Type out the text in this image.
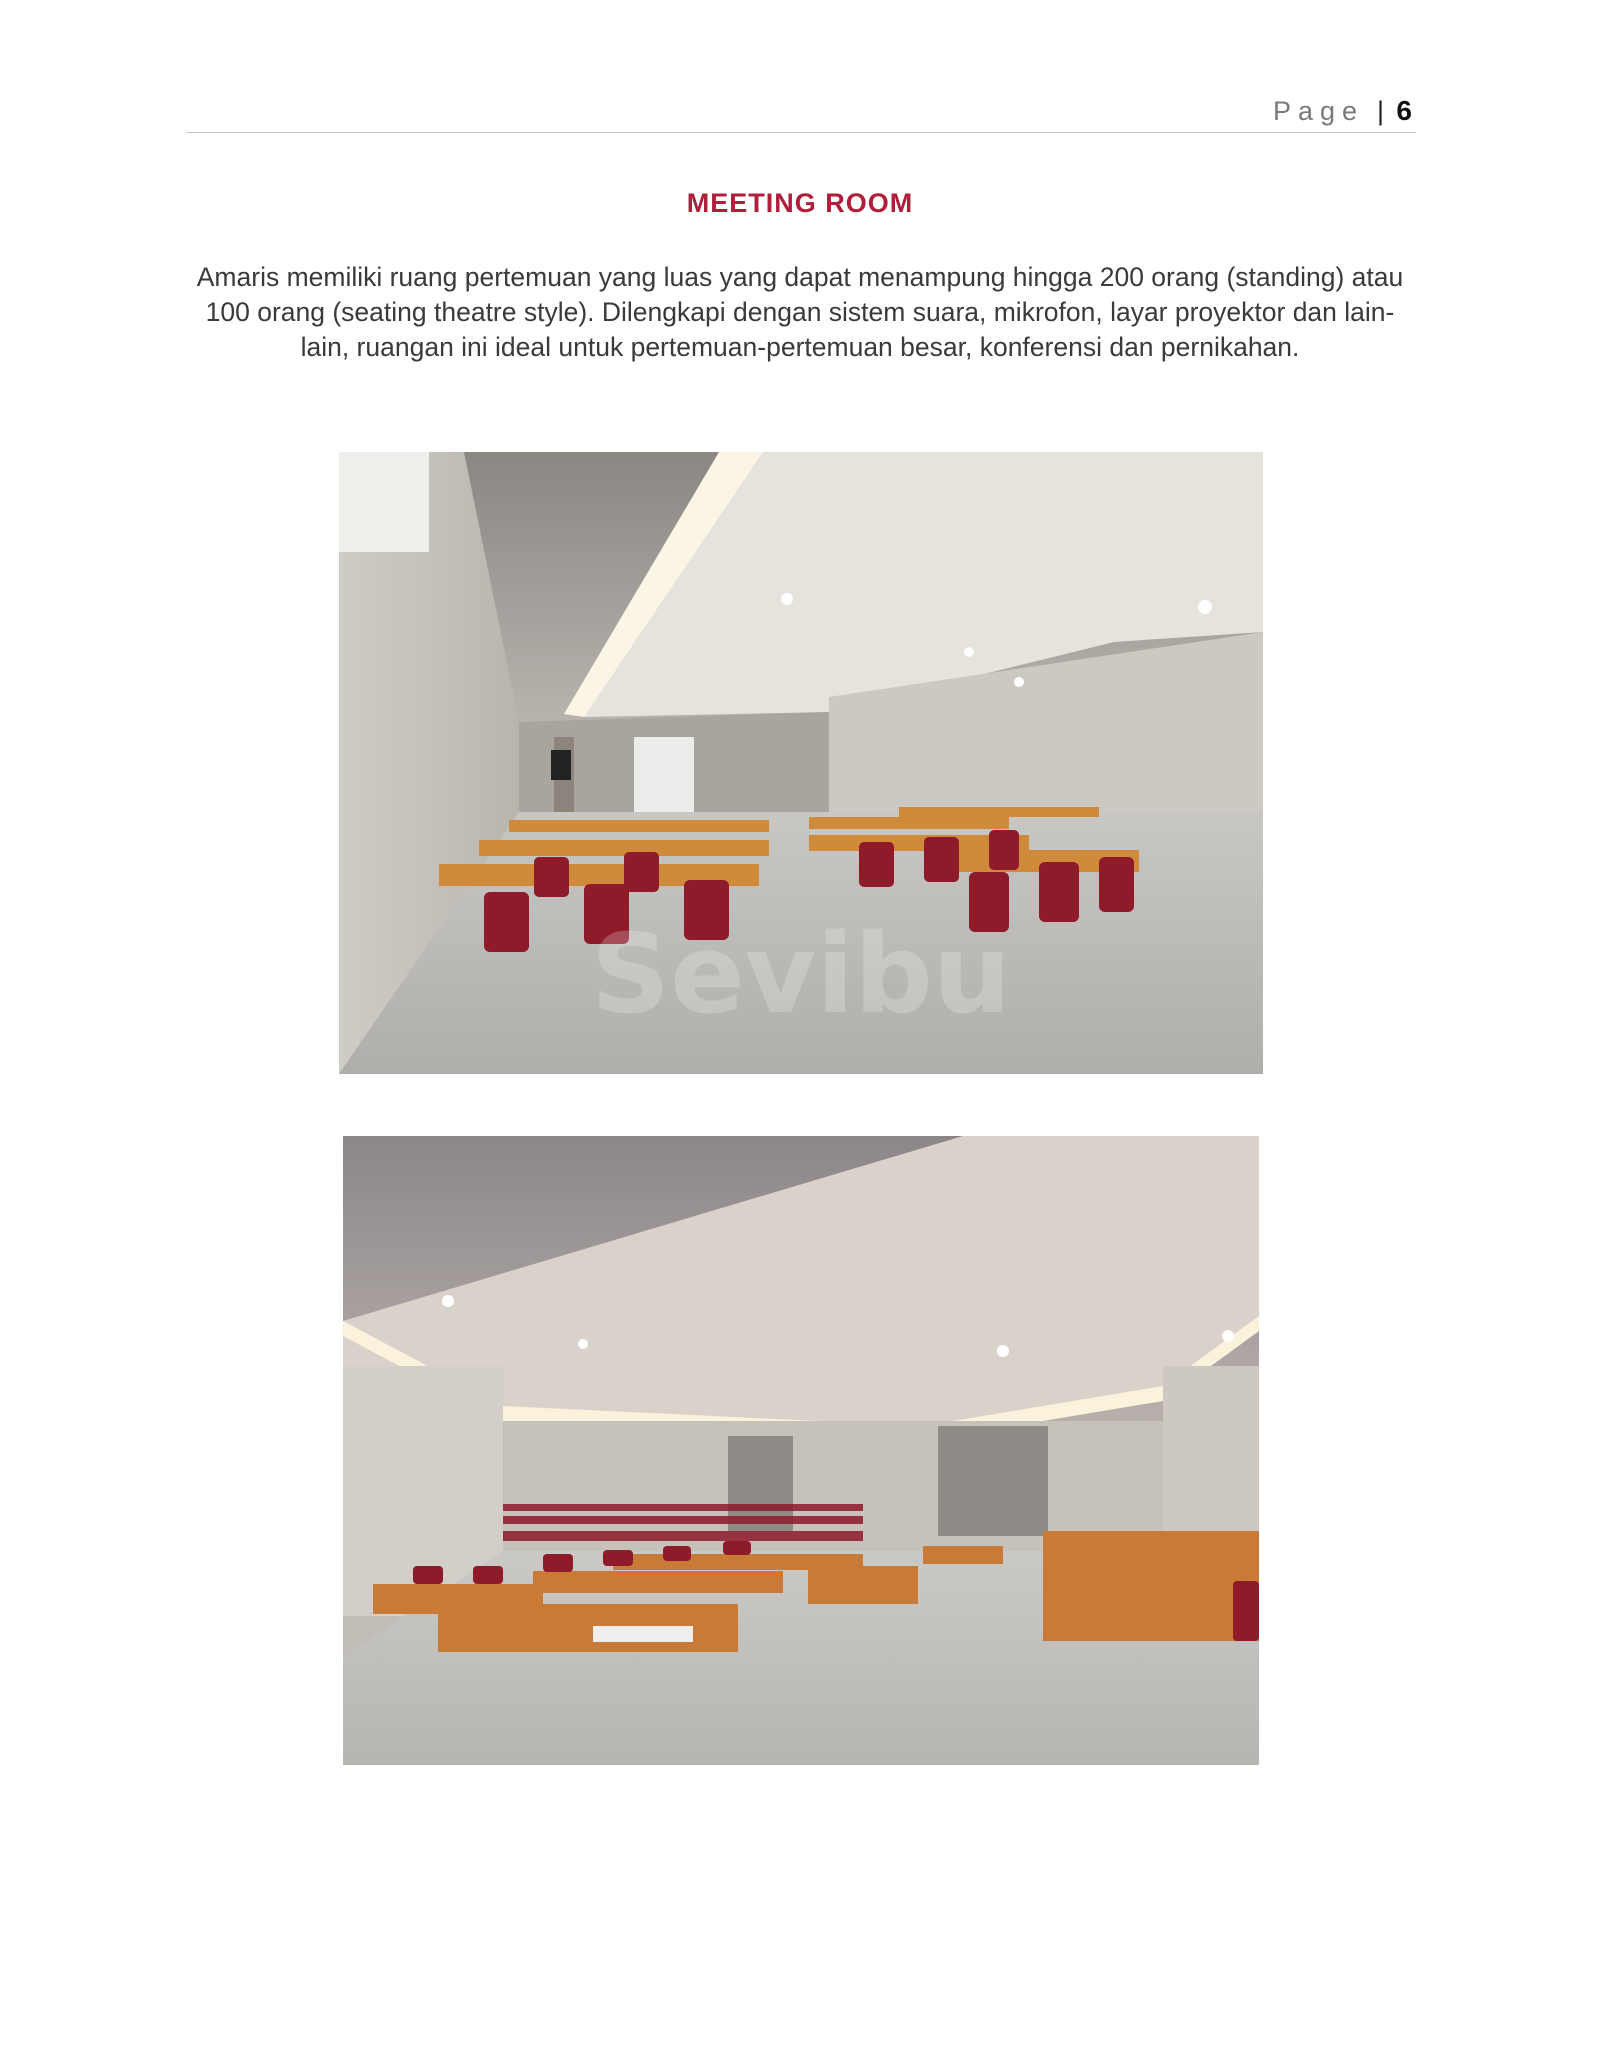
Page | 6
MEETING ROOM
Amaris memiliki ruang pertemuan yang luas yang dapat menampung hingga 200 orang (standing) atau 100 orang (seating theatre style). Dilengkapi dengan sistem suara, mikrofon, layar proyektor dan lain-lain, ruangan ini ideal untuk pertemuan-pertemuan besar, konferensi dan pernikahan.
Sevibu
